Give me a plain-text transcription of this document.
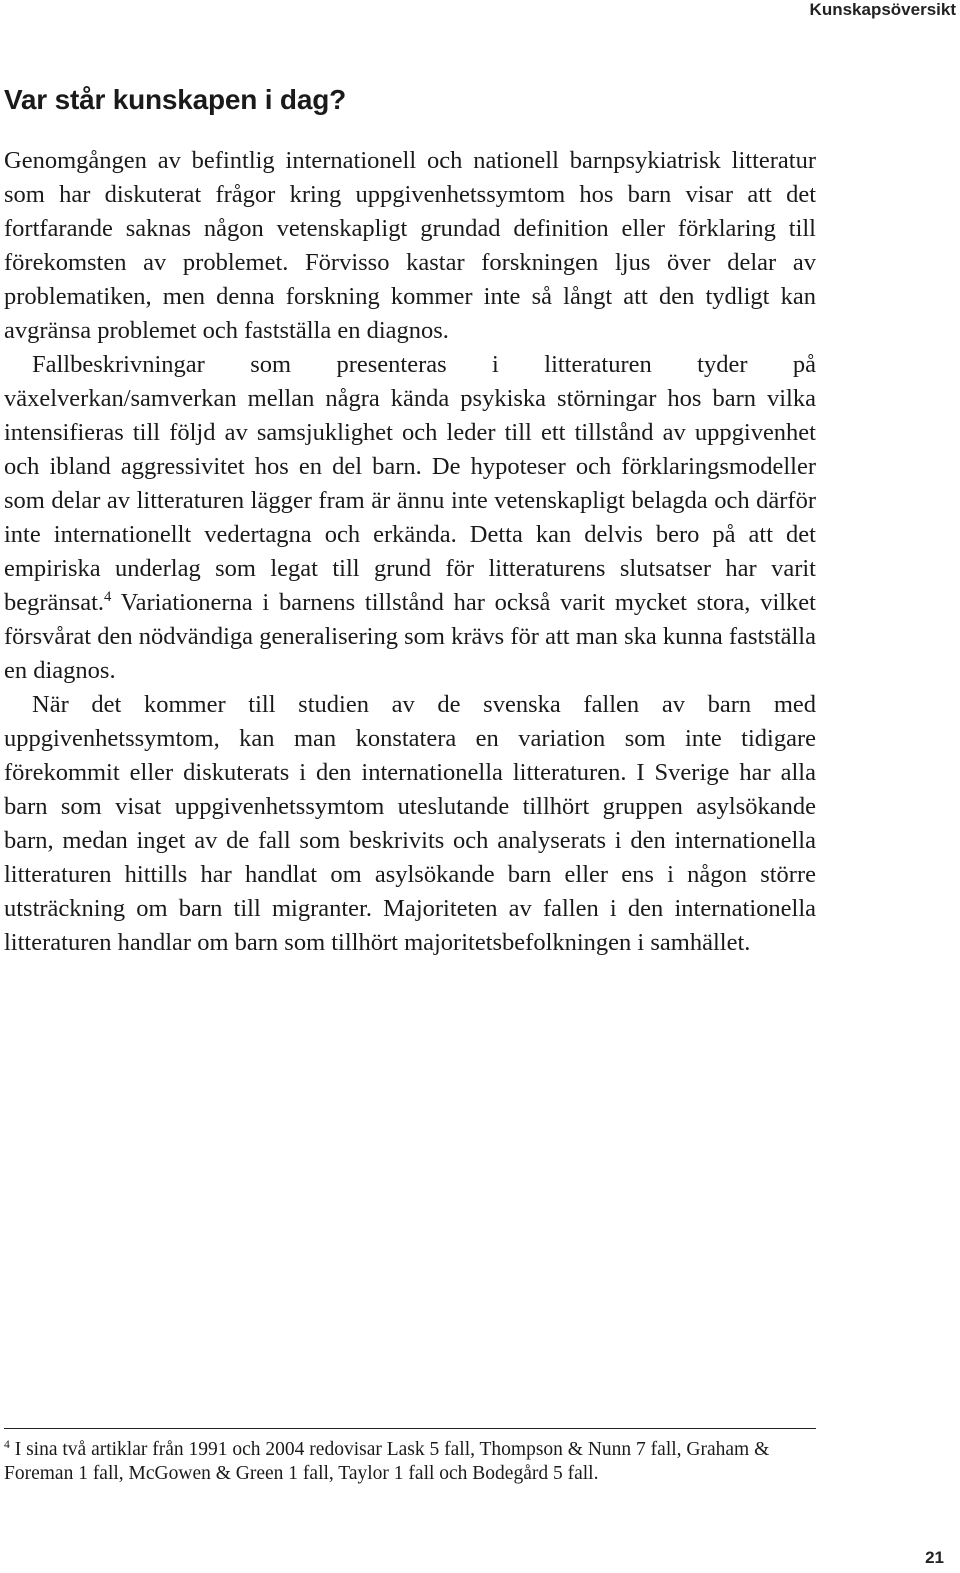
Kunskapsöversikt
Var står kunskapen i dag?

Genomgången av befintlig internationell och nationell barnpsykiatrisk litteratur som har diskuterat frågor kring uppgivenhetssymtom hos barn visar att det fortfarande saknas någon vetenskapligt grundad definition eller förklaring till förekomsten av problemet. Förvisso kastar forskningen ljus över delar av problematiken, men denna forskning kommer inte så långt att den tydligt kan avgränsa problemet och fastställa en diagnos.

Fallbeskrivningar som presenteras i litteraturen tyder på växelverkan/samverkan mellan några kända psykiska störningar hos barn vilka intensifieras till följd av samsjuklighet och leder till ett tillstånd av uppgivenhet och ibland aggressivitet hos en del barn. De hypoteser och förklaringsmodeller som delar av litteraturen lägger fram är ännu inte vetenskapligt belagda och därför inte internationellt vedertagna och erkända. Detta kan delvis bero på att det empiriska underlag som legat till grund för litteraturens slutsatser har varit begränsat.$^4$ Variationerna i barnens tillstånd har också varit mycket stora, vilket försvårat den nödvändiga generalisering som krävs för att man ska kunna fastställa en diagnos.

När det kommer till studien av de svenska fallen av barn med uppgivenhetssymtom, kan man konstatera en variation som inte tidigare förekommit eller diskuterats i den internationella litteraturen. I Sverige har alla barn som visat uppgivenhetssymtom uteslutande tillhört gruppen asylsökande barn, medan inget av de fall som beskrivits och analyserats i den internationella litteraturen hittills har handlat om asylsökande barn eller ens i någon större utsträckning om barn till migranter. Majoriteten av fallen i den internationella litteraturen handlar om barn som tillhört majoritetsbefolkningen i samhället.

$^4$ I sina två artiklar från 1991 och 2004 redovisar Lask 5 fall, Thompson & Nunn 7 fall, Graham & Foreman 1 fall, McGowen & Green 1 fall, Taylor 1 fall och Bodegård 5 fall.

21
